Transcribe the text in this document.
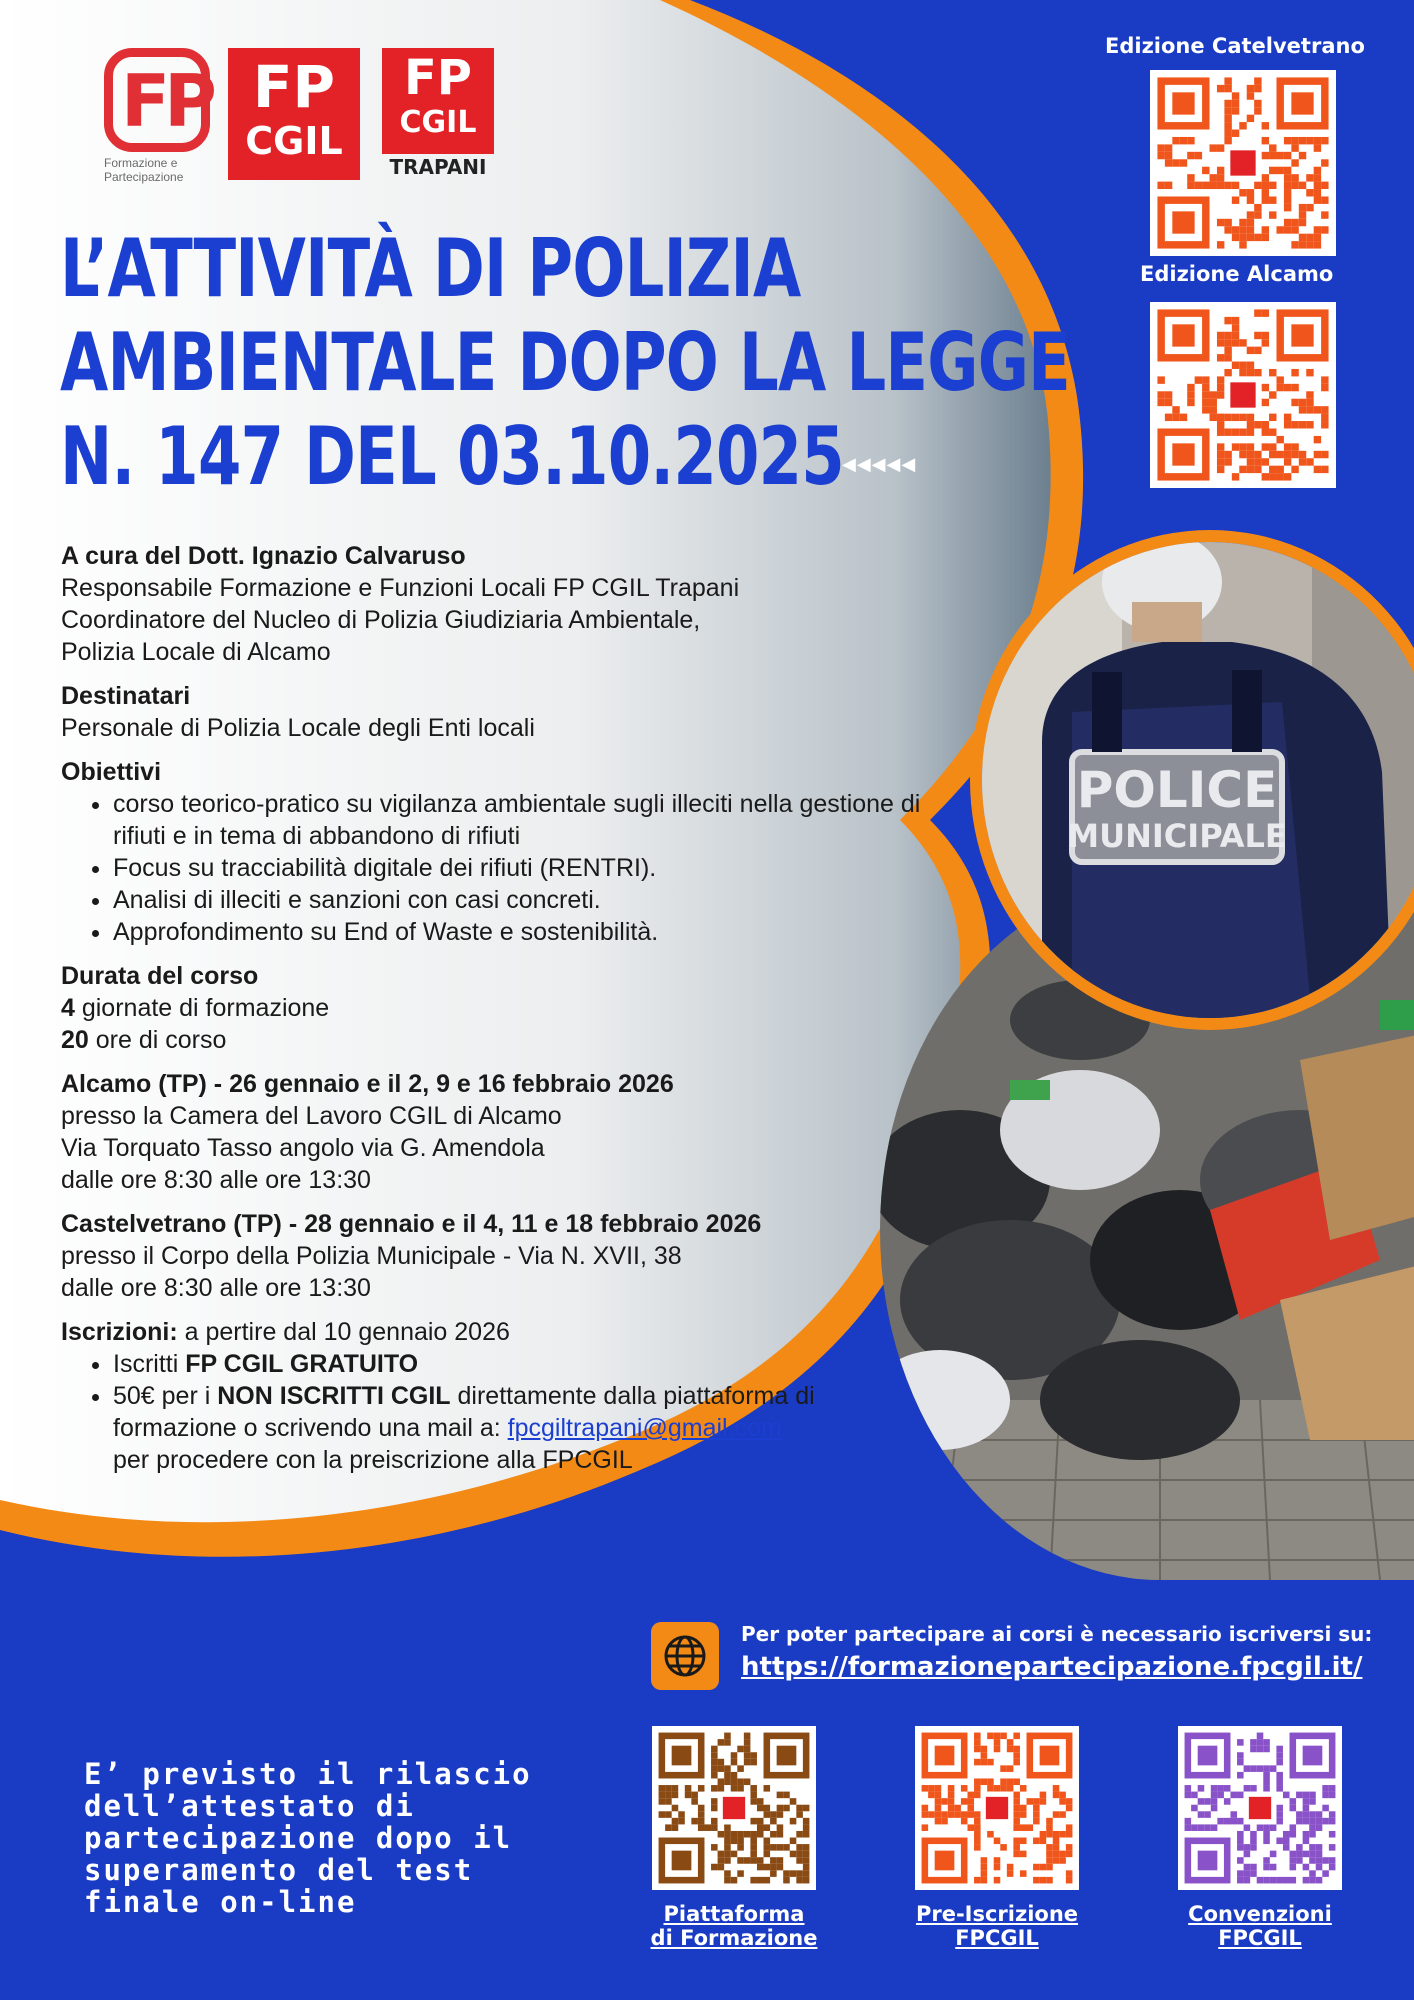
FP
Formazione e
Partecipazione
FP
CGIL
FP
CGIL
TRAPANI
L’ATTIVITÀ DI POLIZIA
AMBIENTALE DOPO LA LEGGE
N. 147 DEL 03.10.2025
◀◀◀◀◀
Edizione Catelvetrano
Edizione Alcamo
POLICE
MUNICIPALE
A cura del Dott. Ignazio Calvaruso
Responsabile Formazione e Funzioni Locali FP CGIL Trapani
Coordinatore del Nucleo di Polizia Giudiziaria Ambientale,
Polizia Locale di Alcamo
Destinatari
Personale di Polizia Locale degli Enti locali
Obiettivi
• corso teorico-pratico su vigilanza ambientale sugli illeciti nella gestione di rifiuti e in tema di abbandono di rifiuti
• Focus su tracciabilità digitale dei rifiuti (RENTRI).
• Analisi di illeciti e sanzioni con casi concreti.
• Approfondimento su End of Waste e sostenibilità.
Durata del corso
4 giornate di formazione
20 ore di corso
Alcamo (TP) - 26 gennaio e il 2, 9 e 16 febbraio 2026
presso la Camera del Lavoro CGIL di Alcamo
Via Torquato Tasso angolo via G. Amendola
dalle ore 8:30 alle ore 13:30
Castelvetrano (TP) - 28 gennaio e il 4, 11 e 18 febbraio 2026
presso il Corpo della Polizia Municipale - Via N. XVII, 38
dalle ore 8:30 alle ore 13:30
Iscrizioni: a pertire dal 10 gennaio 2026
• Iscritti FP CGIL GRATUITO
• 50€ per i NON ISCRITTI CGIL direttamente dalla piattaforma di formazione o scrivendo una mail a: fpcgiltrapani@gmail.com
per procedere con la preiscrizione alla FPCGIL
Per poter partecipare ai corsi è necessario iscriversi su:
https://formazionepartecipazione.fpcgil.it/
E’ previsto il rilascio dell’attestato di partecipazione dopo il superamento del test finale on-line	Piattaforma
di Formazione
Pre-Iscrizione
FPCGIL
Convenzioni
FPCGIL
